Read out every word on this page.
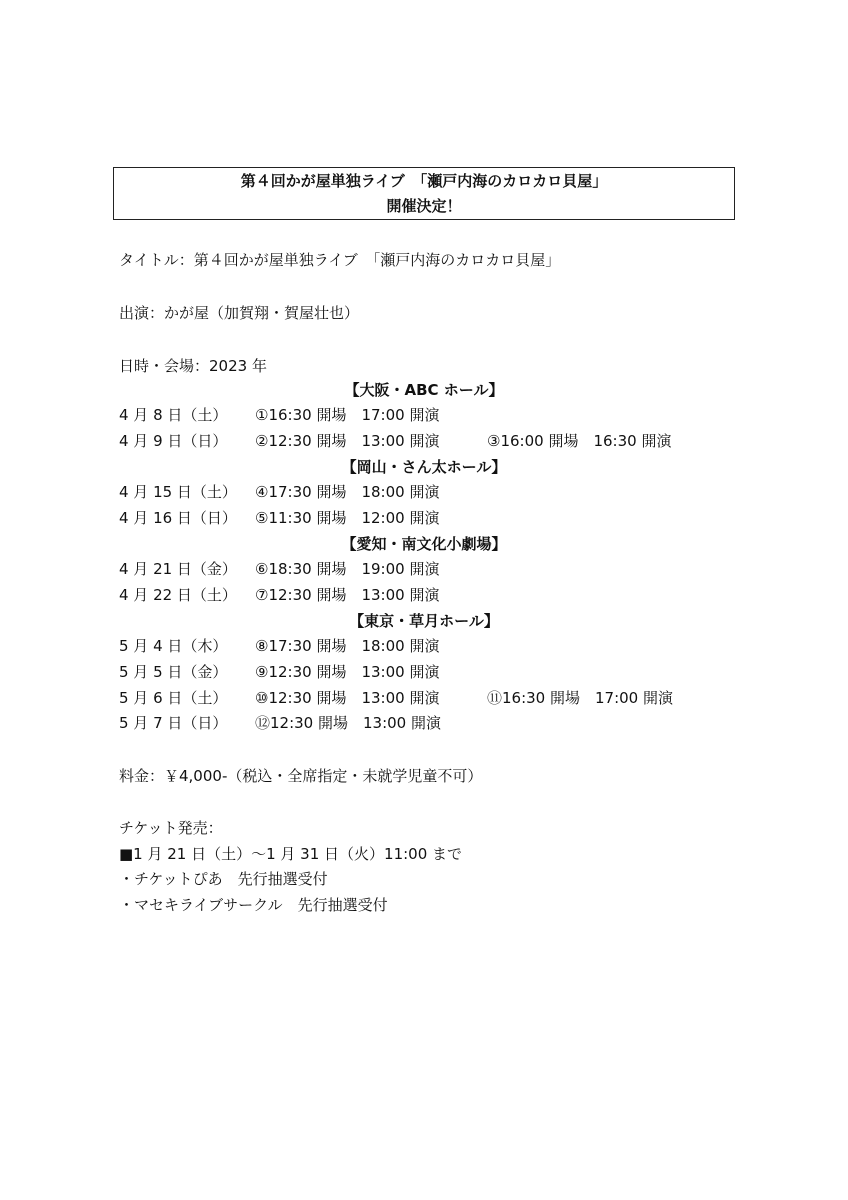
第４回かが屋単独ライブ　「瀬戸内海のカロカロ貝屋」
開催決定！
タイトル：第４回かが屋単独ライブ　「瀬戸内海のカロカロ貝屋」
出演：かが屋（加賀翔・賀屋壮也）
日時・会場：2023 年
【大阪・ABC ホール】
4 月 8 日（土） ①16:30 開場　17:00 開演
4 月 9 日（日） ②12:30 開場　13:00 開演	③16:00 開場　16:30 開演
【岡山・さん太ホール】
4 月 15 日（土） ④17:30 開場　18:00 開演
4 月 16 日（日） ⑤11:30 開場　12:00 開演
【愛知・南文化小劇場】
4 月 21 日（金） ⑥18:30 開場　19:00 開演
4 月 22 日（土） ⑦12:30 開場　13:00 開演
【東京・草月ホール】
5 月 4 日（木） ⑧17:30 開場　18:00 開演
5 月 5 日（金） ⑨12:30 開場　13:00 開演
5 月 6 日（土） ⑩12:30 開場　13:00 開演	⑪16:30 開場　17:00 開演
5 月 7 日（日） ⑫12:30 開場　13:00 開演
料金：￥4,000-（税込・全席指定・未就学児童不可）
チケット発売：
■1 月 21 日（土）〜1 月 31 日（火）11:00 まで
・チケットぴあ　先行抽選受付
・マセキライブサークル　先行抽選受付
